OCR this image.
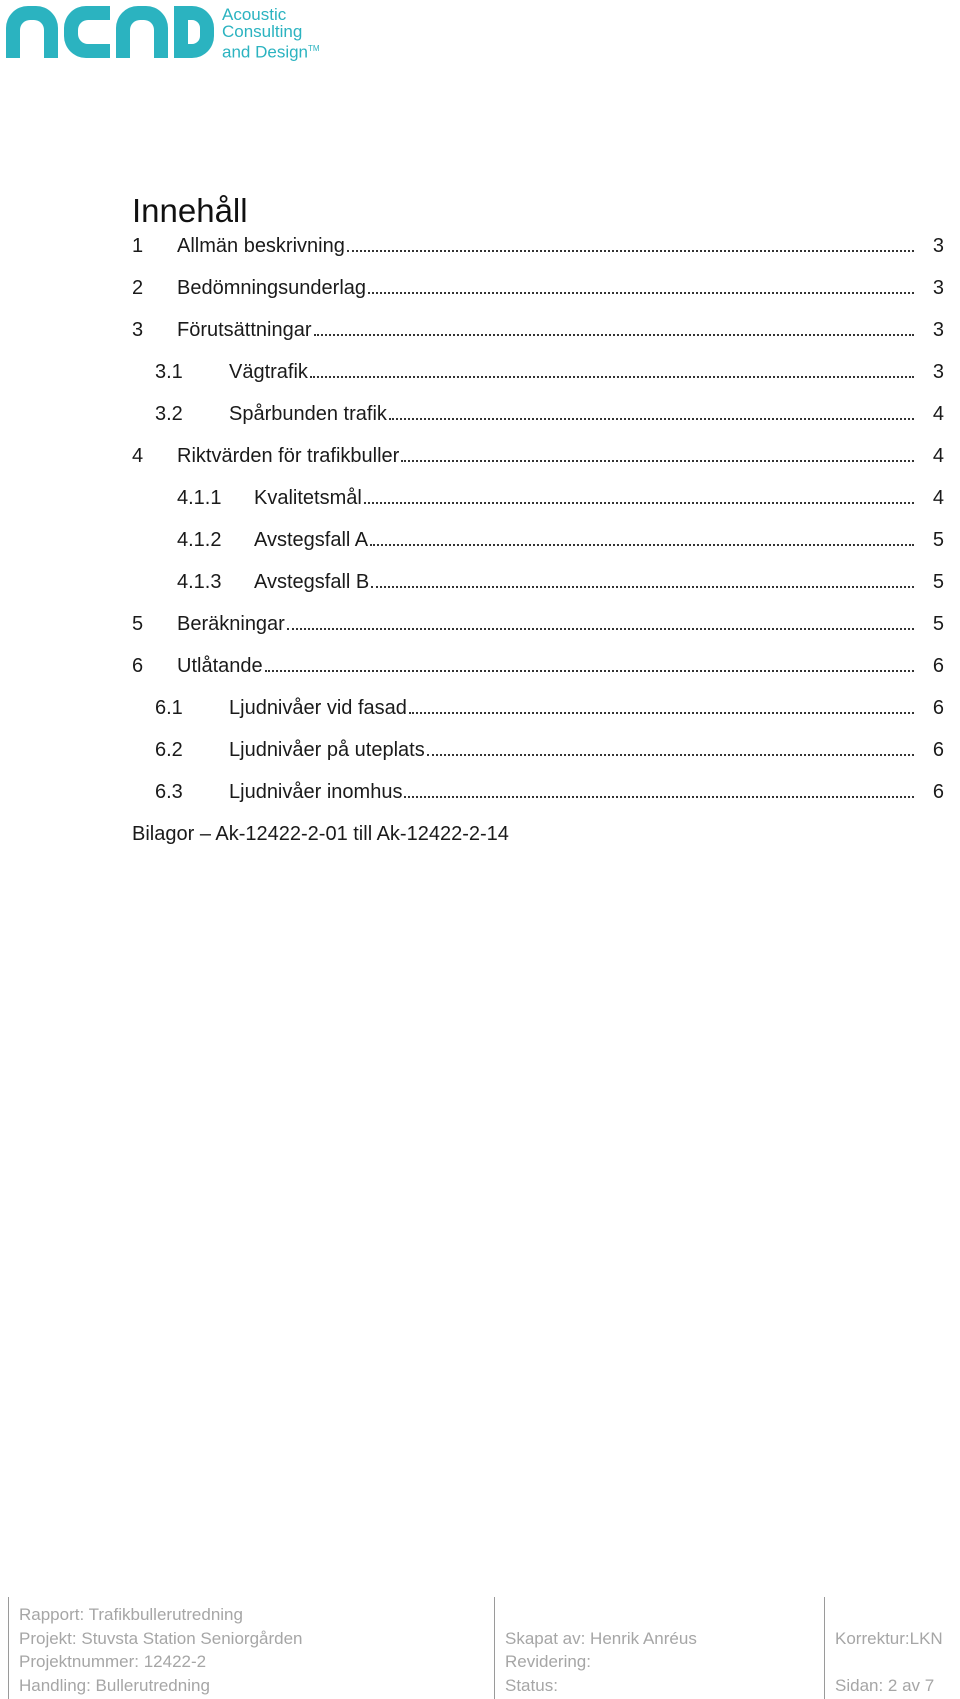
Acoustic
Consulting
and Design™
Innehåll
1 Allmän beskrivning	3
2 Bedömningsunderlag	3
3 Förutsättningar	3
3.1 Vägtrafik	3
3.2 Spårbunden trafik	4
4 Riktvärden för trafikbuller	4
4.1.1 Kvalitetsmål	4
4.1.2 Avstegsfall A	5
4.1.3 Avstegsfall B	5
5 Beräkningar	5
6 Utlåtande	6
6.1 Ljudnivåer vid fasad	6
6.2 Ljudnivåer på uteplats	6
6.3 Ljudnivåer inomhus	6
Bilagor – Ak-12422-2-01 till Ak-12422-2-14
Rapport: Trafikbullerutredning
Projekt: Stuvsta Station Seniorgården
Projektnummer: 12422-2
Handling: Bullerutredning
Skapat av: Henrik Anréus
Revidering:
Status:
Korrektur:LKN
Sidan: 2 av 7
